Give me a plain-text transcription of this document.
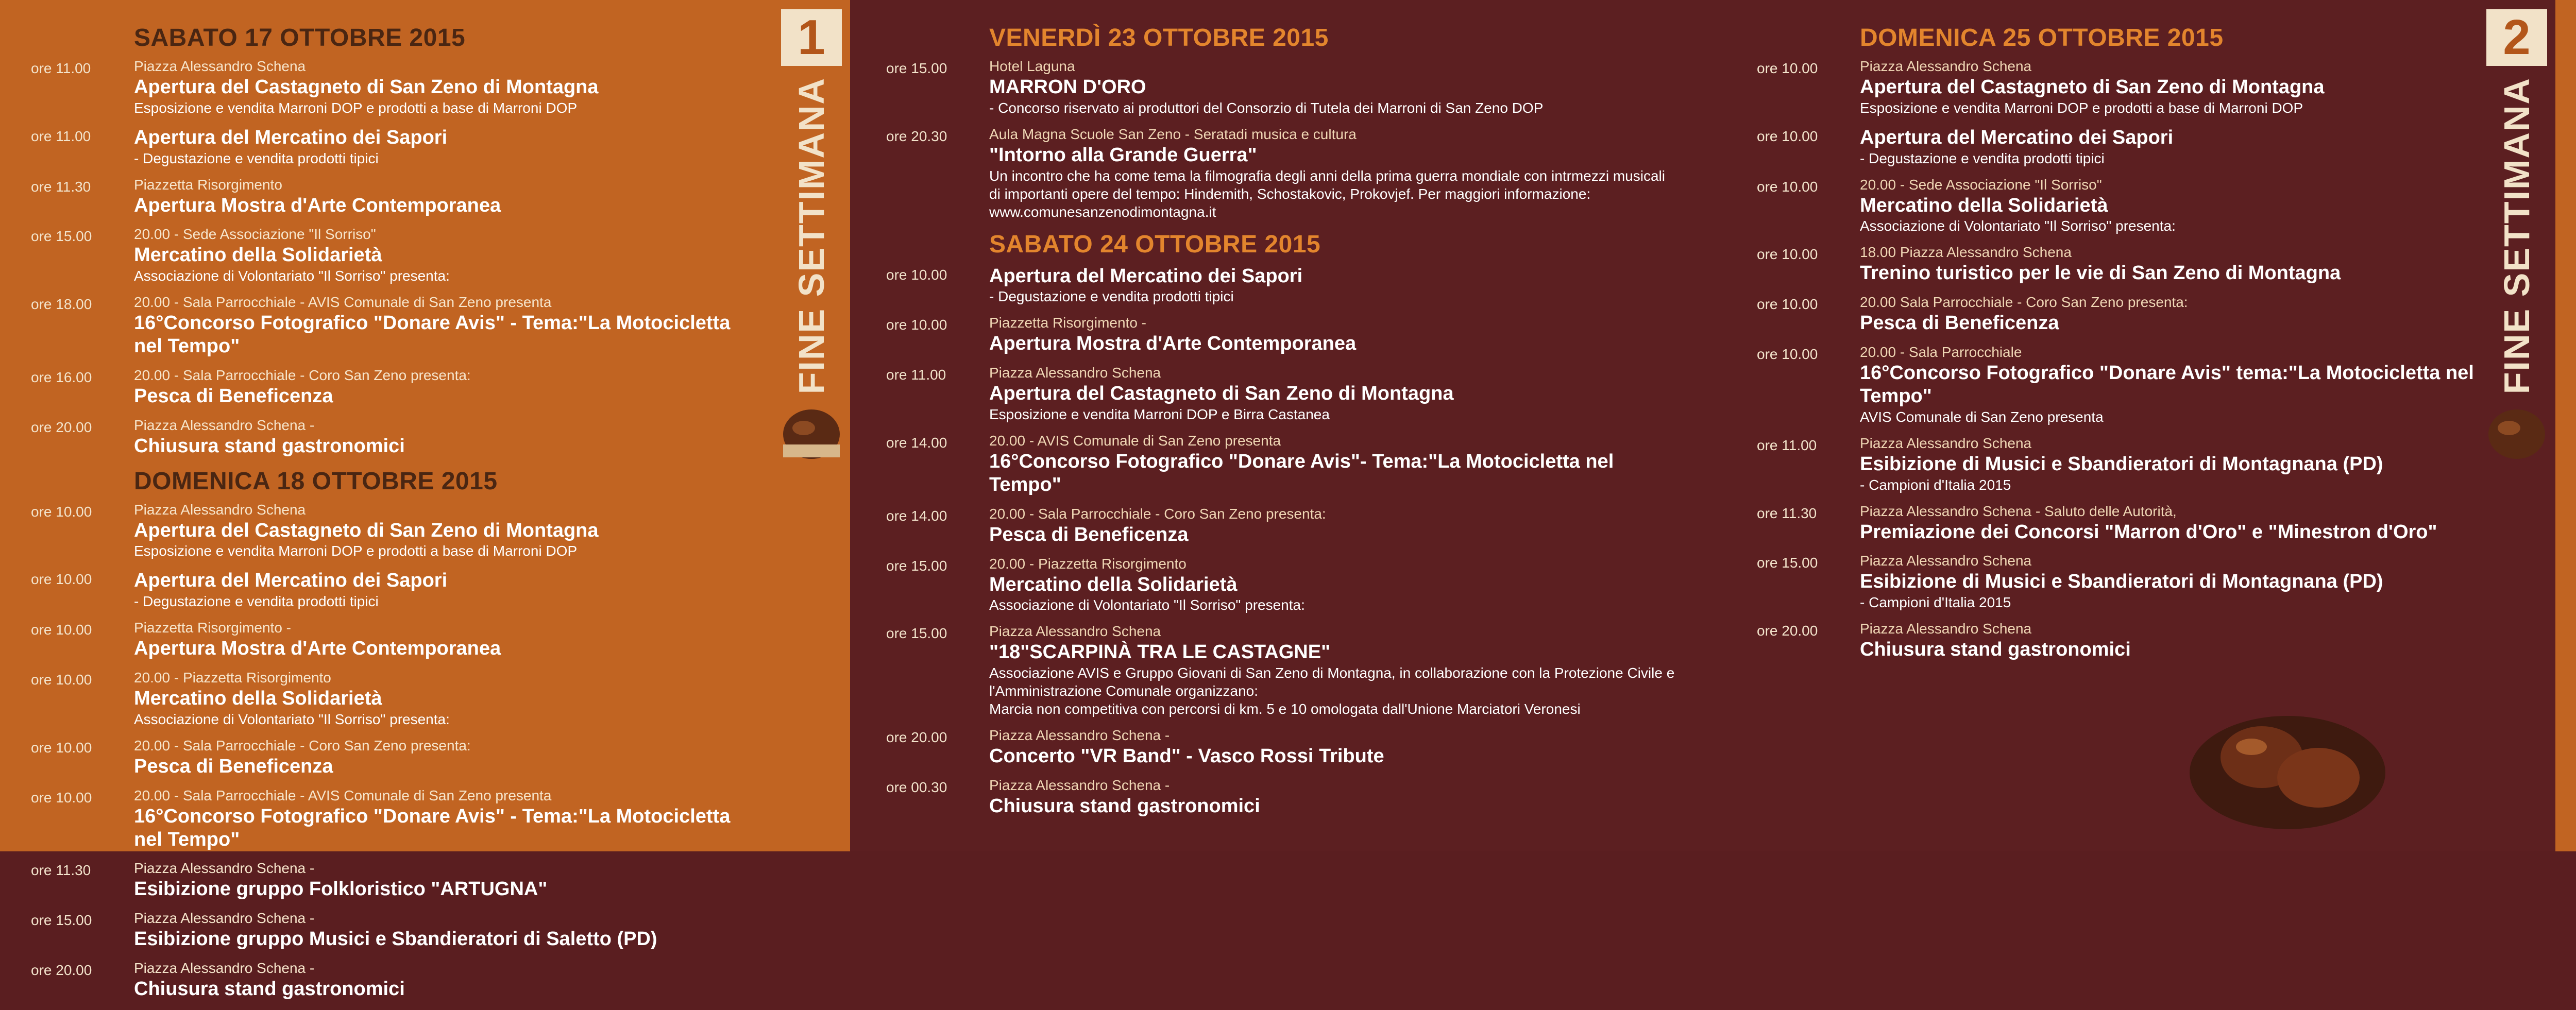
SABATO 17 OTTOBRE 2015
ore 11.00	Piazza Alessandro Schena
Apertura del Castagneto di San Zeno di Montagna
Esposizione e vendita Marroni DOP e prodotti a base di Marroni DOP
ore 11.00	Apertura del Mercatino dei Sapori
- Degustazione e vendita prodotti tipici
ore 11.30	Piazzetta Risorgimento
Apertura Mostra d'Arte Contemporanea
ore 15.00	20.00 - Sede Associazione "Il Sorriso"
Mercatino della Solidarietà
Associazione di Volontariato "Il Sorriso" presenta:
ore 18.00	20.00 - Sala Parrocchiale - AVIS Comunale di San Zeno presenta
16°Concorso Fotografico "Donare Avis" - Tema:"La Motocicletta nel Tempo"
ore 16.00	20.00 - Sala Parrocchiale - Coro San Zeno presenta:
Pesca di Beneficenza
ore 20.00	Piazza Alessandro Schena -
Chiusura stand gastronomici
DOMENICA 18 OTTOBRE 2015
ore 10.00	Piazza Alessandro Schena
Apertura del Castagneto di San Zeno di Montagna
Esposizione e vendita Marroni DOP e prodotti a base di Marroni DOP
ore 10.00	Apertura del Mercatino dei Sapori
- Degustazione e vendita prodotti tipici
ore 10.00	Piazzetta Risorgimento -
Apertura Mostra d'Arte Contemporanea
ore 10.00	20.00 - Piazzetta Risorgimento
Mercatino della Solidarietà
Associazione di Volontariato "Il Sorriso" presenta:
ore 10.00	20.00 - Sala Parrocchiale - Coro San Zeno presenta:
Pesca di Beneficenza
ore 10.00	20.00 - Sala Parrocchiale - AVIS Comunale di San Zeno presenta
16°Concorso Fotografico "Donare Avis" - Tema:"La Motocicletta nel Tempo"
ore 11.30	Piazza Alessandro Schena -
Esibizione gruppo Folkloristico "ARTUGNA"
ore 15.00	Piazza Alessandro Schena -
Esibizione gruppo Musici e Sbandieratori di Saletto (PD)
ore 20.00	Piazza Alessandro Schena -
Chiusura stand gastronomici
1
FINE SETTIMANA
VENERDÌ 23 OTTOBRE 2015
ore 15.00	Hotel Laguna
MARRON D'ORO
- Concorso riservato ai produttori del Consorzio di Tutela dei Marroni di San Zeno DOP
ore 20.30	Aula Magna Scuole San Zeno - Seratadi musica e cultura
"Intorno alla Grande Guerra"
Un incontro che ha come tema la filmografia degli anni della prima guerra mondiale con intrmezzi musicali di importanti opere del tempo: Hindemith, Schostakovic, Prokovjef. Per maggiori informazione: www.comunesanzenodimontagna.it
SABATO 24 OTTOBRE 2015
ore 10.00	Apertura del Mercatino dei Sapori
- Degustazione e vendita prodotti tipici
ore 10.00	Piazzetta Risorgimento -
Apertura Mostra d'Arte Contemporanea
ore 11.00	Piazza Alessandro Schena
Apertura del Castagneto di San Zeno di Montagna
Esposizione e vendita Marroni DOP e Birra Castanea
ore 14.00	20.00 - AVIS Comunale di San Zeno presenta
16°Concorso Fotografico "Donare Avis"- Tema:"La Motocicletta nel Tempo"
ore 14.00	20.00 - Sala Parrocchiale - Coro San Zeno presenta:
Pesca di Beneficenza
ore 15.00	20.00 - Piazzetta Risorgimento
Mercatino della Solidarietà
Associazione di Volontariato "Il Sorriso" presenta:
ore 15.00	Piazza Alessandro Schena
"18"SCARPINÀ TRA LE CASTAGNE"
Associazione AVIS e Gruppo Giovani di San Zeno di Montagna, in collaborazione con la Protezione Civile e l'Amministrazione Comunale organizzano:
Marcia non competitiva con percorsi di km. 5 e 10 omologata dall'Unione Marciatori Veronesi
ore 20.00	Piazza Alessandro Schena -
Concerto "VR Band" - Vasco Rossi Tribute
ore 00.30	Piazza Alessandro Schena -
Chiusura stand gastronomici
DOMENICA 25 OTTOBRE 2015
ore 10.00	Piazza Alessandro Schena
Apertura del Castagneto di San Zeno di Montagna
Esposizione e vendita Marroni DOP e prodotti a base di Marroni DOP
ore 10.00	Apertura del Mercatino dei Sapori
- Degustazione e vendita prodotti tipici
ore 10.00	20.00 - Sede Associazione "Il Sorriso"
Mercatino della Solidarietà
Associazione di Volontariato "Il Sorriso" presenta:
ore 10.00	18.00 Piazza Alessandro Schena
Trenino turistico per le vie di San Zeno di Montagna
ore 10.00	20.00 Sala Parrocchiale - Coro San Zeno presenta:
Pesca di Beneficenza
ore 10.00	20.00 - Sala Parrocchiale
16°Concorso Fotografico "Donare Avis" tema:"La Motocicletta nel Tempo"
AVIS Comunale di San Zeno presenta
ore 11.00	Piazza Alessandro Schena
Esibizione di Musici e Sbandieratori di Montagnana (PD)
- Campioni d'Italia 2015
ore 11.30	Piazza Alessandro Schena - Saluto delle Autorità,
Premiazione dei Concorsi "Marron d'Oro" e "Minestron d'Oro"
ore 15.00	Piazza Alessandro Schena
Esibizione di Musici e Sbandieratori di Montagnana (PD)
- Campioni d'Italia 2015
ore 20.00	Piazza Alessandro Schena
Chiusura stand gastronomici
2
FINE SETTIMANA
